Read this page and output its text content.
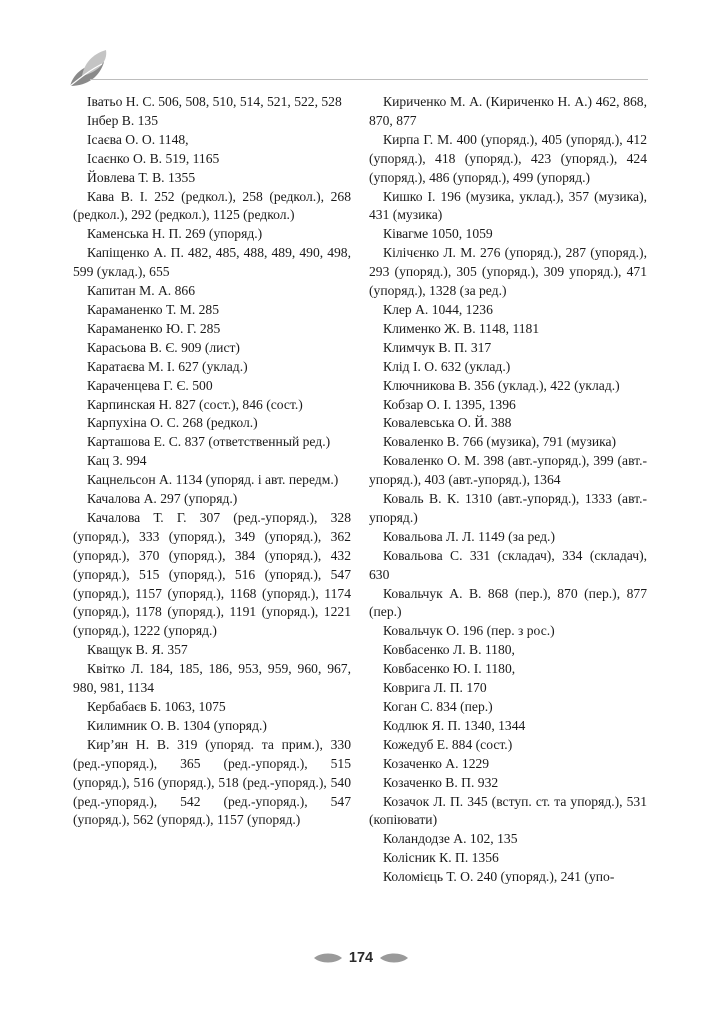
Іватьо Н. С. 506, 508, 510, 514, 521, 522, 528
Інбер В. 135
Ісаєва О. О. 1148,
Ісаєнко О. В. 519, 1165
Йовлева Т. В. 1355
Кава В. І. 252 (редкол.), 258 (редкол.), 268 (редкол.), 292 (редкол.), 1125 (редкол.)
Каменська Н. П. 269 (упоряд.)
Капіщенко А. П. 482, 485, 488, 489, 490, 498, 599 (уклад.), 655
Капитан М. А. 866
Караманенко Т. М. 285
Караманенко Ю. Г. 285
Карасьова В. Є. 909 (лист)
Каратаєва М. І. 627 (уклад.)
Караченцева Г. Є. 500
Карпинская Н. 827 (сост.), 846 (сост.)
Карпухіна О. С. 268 (редкол.)
Карташова Е. С. 837 (ответственный ред.)
Кац З. 994
Кацнельсон А. 1134 (упоряд. і авт. передм.)
Качалова А. 297 (упоряд.)
Качалова Т. Г. 307 (ред.-упоряд.), 328 (упоряд.), 333 (упоряд.), 349 (упоряд.), 362 (упоряд.), 370 (упоряд.), 384 (упоряд.), 432 (упоряд.), 515 (упоряд.), 516 (упоряд.), 547 (упоряд.), 1157 (упоряд.), 1168 (упоряд.), 1174 (упоряд.), 1178 (упоряд.), 1191 (упоряд.), 1221 (упоряд.), 1222 (упоряд.)
Кващук В. Я. 357
Квітко Л. 184, 185, 186, 953, 959, 960, 967, 980, 981, 1134
Кербабаєв Б. 1063, 1075
Килимник О. В. 1304 (упоряд.)
Кир’ян Н. В. 319 (упоряд. та прим.), 330 (ред.-упоряд.), 365 (ред.-упоряд.), 515 (упоряд.), 516 (упоряд.), 518 (ред.-упоряд.), 540 (ред.-упоряд.), 542 (ред.-упоряд.), 547 (упоряд.), 562 (упоряд.), 1157 (упоряд.)
Кириченко М. А. (Кириченко Н. А.) 462, 868, 870, 877
Кирпа Г. М. 400 (упоряд.), 405 (упоряд.), 412 (упоряд.), 418 (упоряд.), 423 (упоряд.), 424 (упоряд.), 486 (упоряд.), 499 (упоряд.)
Кишко І. 196 (музика, уклад.), 357 (музика), 431 (музика)
Ківагме 1050, 1059
Кілічєнко Л. М. 276 (упоряд.), 287 (упоряд.), 293 (упоряд.), 305 (упоряд.), 309 упоряд.), 471 (упоряд.), 1328 (за ред.)
Клер А. 1044, 1236
Клименко Ж. В. 1148, 1181
Климчук В. П. 317
Клід І. О. 632 (уклад.)
Ключникова В. 356 (уклад.), 422 (уклад.)
Кобзар О. І. 1395, 1396
Ковалевська О. Й. 388
Коваленко В. 766 (музика), 791 (музика)
Коваленко О. М. 398 (авт.-упоряд.), 399 (авт.-упоряд.), 403 (авт.-упоряд.), 1364
Коваль В. К. 1310 (авт.-упоряд.), 1333 (авт.-упоряд.)
Ковальова Л. Л. 1149 (за ред.)
Ковальова С. 331 (складач), 334 (складач), 630
Ковальчук А. В. 868 (пер.), 870 (пер.), 877 (пер.)
Ковальчук О. 196 (пер. з рос.)
Ковбасенко Л. В. 1180,
Ковбасенко Ю. І. 1180,
Коврига Л. П. 170
Коган С. 834 (пер.)
Кодлюк Я. П. 1340, 1344
Кожедуб Е. 884 (сост.)
Козаченко А. 1229
Козаченко В. П. 932
Козачок Л. П. 345 (вступ. ст. та упоряд.), 531 (копіювати)
Коландодзе А. 102, 135
Колісник К. П. 1356
Коломієць Т. О. 240 (упоряд.), 241 (упо-
174
